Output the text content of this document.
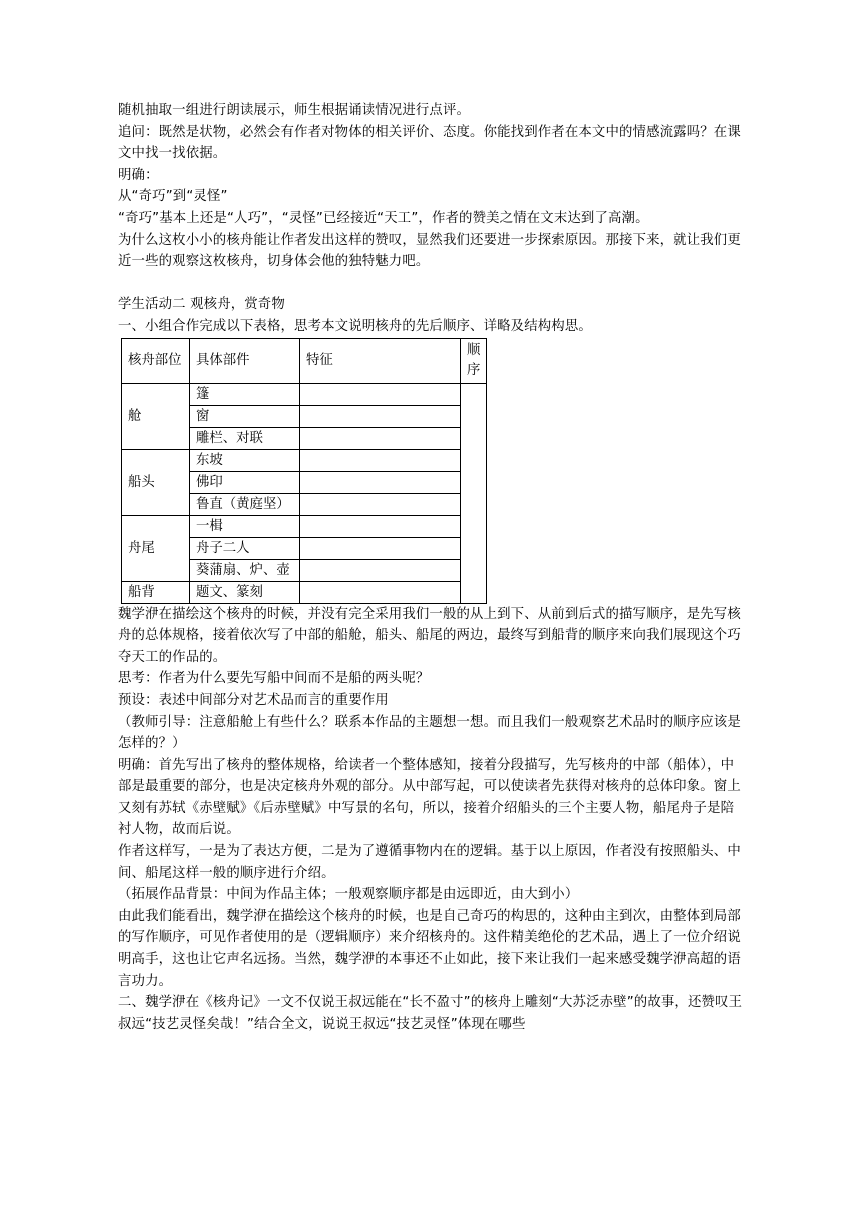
随机抽取一组进行朗读展示，师生根据诵读情况进行点评。

追问：既然是状物，必然会有作者对物体的相关评价、态度。你能找到作者在本文中的情感流露吗？在课文中找一找依据。

明确：

从“奇巧”到“灵怪”

“奇巧”基本上还是“人巧”，“灵怪”已经接近“天工”，作者的赞美之情在文末达到了高潮。

为什么这枚小小的核舟能让作者发出这样的赞叹，显然我们还要进一步探索原因。那接下来，就让我们更近一些的观察这枚核舟，切身体会他的独特魅力吧。

学生活动二 观核舟，赏奇物

一、小组合作完成以下表格，思考本文说明核舟的先后顺序、详略及结构构思。

核舟部位	具体部件	特征	顺序
舱	篷		
	窗		
	雕栏、对联		
船头	东坡		
	佛印		
	鲁直（黄庭坚）		
舟尾	一楫		
	舟子二人		
	葵蒲扇、炉、壶		
船背	题文、篆刻		

魏学洢在描绘这个核舟的时候，并没有完全采用我们一般的从上到下、从前到后式的描写顺序，是先写核舟的总体规格，接着依次写了中部的船舱，船头、船尾的两边，最终写到船背的顺序来向我们展现这个巧夺天工的作品的。

思考：作者为什么要先写船中间而不是船的两头呢？

预设：表述中间部分对艺术品而言的重要作用

（教师引导：注意船舱上有些什么？联系本作品的主题想一想。而且我们一般观察艺术品时的顺序应该是怎样的？）

明确：首先写出了核舟的整体规格，给读者一个整体感知，接着分段描写，先写核舟的中部（船体），中部是最重要的部分，也是决定核舟外观的部分。从中部写起，可以使读者先获得对核舟的总体印象。窗上又刻有苏轼《赤壁赋》《后赤壁赋》中写景的名句，所以，接着介绍船头的三个主要人物，船尾舟子是陪衬人物，故而后说。

作者这样写，一是为了表达方便，二是为了遵循事物内在的逻辑。基于以上原因，作者没有按照船头、中间、船尾这样一般的顺序进行介绍。

（拓展作品背景：中间为作品主体；一般观察顺序都是由远即近，由大到小）

由此我们能看出，魏学洢在描绘这个核舟的时候，也是自己奇巧的构思的，这种由主到次，由整体到局部的写作顺序，可见作者使用的是（逻辑顺序）来介绍核舟的。这件精美绝伦的艺术品，遇上了一位介绍说明高手，这也让它声名远扬。当然，魏学洢的本事还不止如此，接下来让我们一起来感受魏学洢高超的语言功力。

二、魏学洢在《核舟记》一文不仅说王叔远能在“长不盈寸”的核舟上雕刻“大苏泛赤壁”的故事，还赞叹王叔远“技艺灵怪矣哉！”结合全文，说说王叔远“技艺灵怪”体现在哪些
